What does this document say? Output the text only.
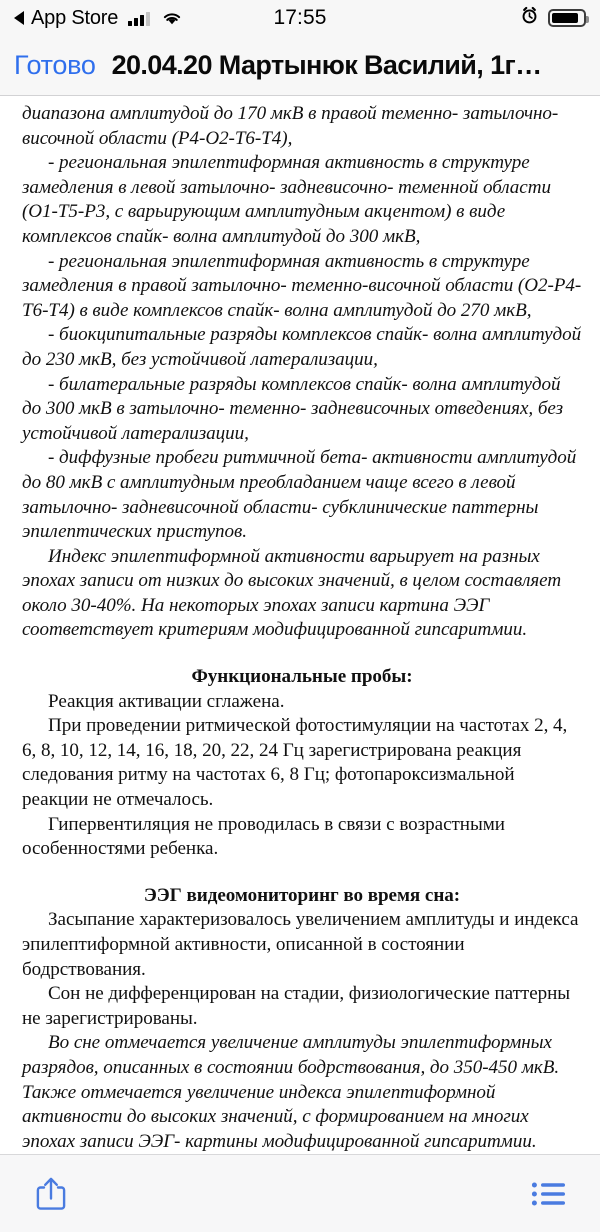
App Store	17:55
Готово 20.04.20 Мартынюк Василий, 1г…

диапазона амплитудой до 170 мкВ в правой теменно- затылочно-височной области (Р4-О2-Т6-Т4),

- региональная эпилептиформная активность в структуре замедления в левой затылочно- задневисочно- теменной области (О1-Т5-Р3, с варьирующим амплитудным акцентом) в виде комплексов спайк- волна амплитудой до 300 мкВ,

- региональная эпилептиформная активность в структуре замедления в правой затылочно- теменно-височной области (О2-Р4-Т6-Т4) в виде комплексов спайк- волна амплитудой до 270 мкВ,

- биокципитальные разряды комплексов спайк- волна амплитудой до 230 мкВ, без устойчивой латерализации,

- билатеральные разряды комплексов спайк- волна амплитудой до 300 мкВ в затылочно- теменно- задневисочных отведениях, без устойчивой латерализации,

- диффузные пробеги ритмичной бета- активности амплитудой до 80 мкВ с амплитудным преобладанием чаще всего в левой затылочно- задневисочной области- субклинические паттерны эпилептических приступов.

Индекс эпилептиформной активности варьирует на разных эпохах записи от низких до высоких значений, в целом составляет около 30-40%. На некоторых эпохах записи картина ЭЭГ соответствует критериям модифицированной гипсаритмии.

Функциональные пробы:

Реакция активации сглажена.

При проведении ритмической фотостимуляции на частотах 2, 4, 6, 8, 10, 12, 14, 16, 18, 20, 22, 24 Гц зарегистрирована реакция следования ритму на частотах 6, 8 Гц; фотопароксизмальной реакции не отмечалось.

Гипервентиляция не проводилась в связи с возрастными особенностями ребенка.

ЭЭГ видеомониторинг во время сна:

Засыпание характеризовалось увеличением амплитуды и индекса эпилептиформной активности, описанной в состоянии бодрствования.

Сон не дифференцирован на стадии, физиологические паттерны не зарегистрированы.

Во сне отмечается увеличение амплитуды эпилептиформных разрядов, описанных в состоянии бодрствования, до 350-450 мкВ. Также отмечается увеличение индекса эпилептиформной активности до высоких значений, с формированием на многих эпохах записи ЭЭГ- картины модифицированной гипсаритмии.
